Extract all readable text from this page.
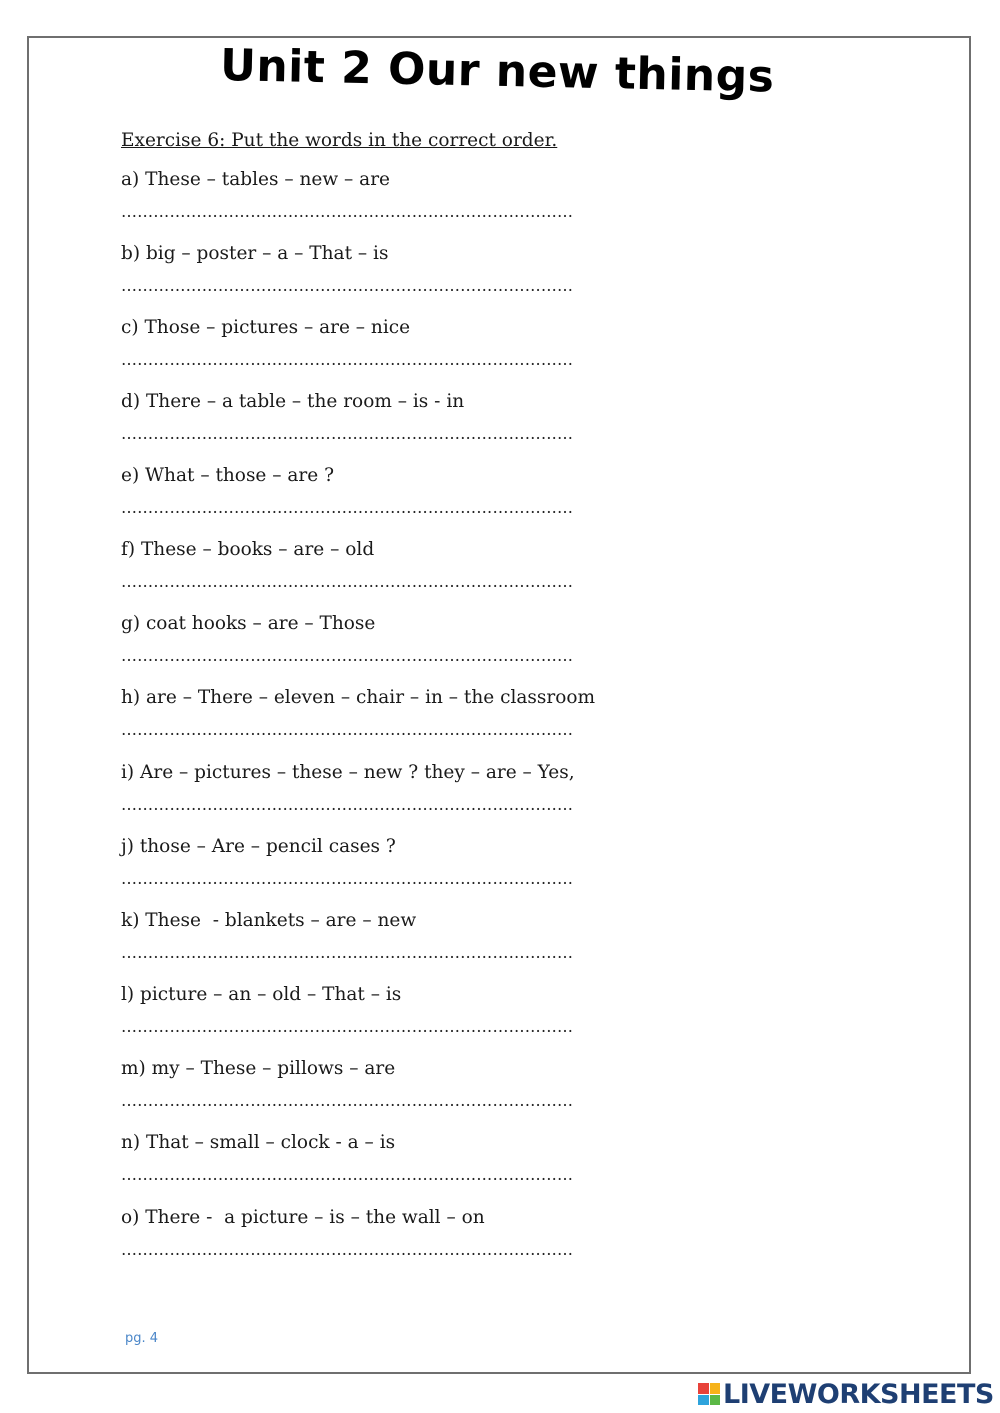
Unit 2 Our new things
Exercise 6: Put the words in the correct order.
a) These – tables – new – are
…………………………………………………………………………
b) big – poster – a – That – is
…………………………………………………………………………
c) Those – pictures – are – nice
…………………………………………………………………………
d) There – a table – the room – is - in
…………………………………………………………………………
e) What – those – are ?
…………………………………………………………………………
f) These – books – are – old
…………………………………………………………………………
g) coat hooks – are – Those
…………………………………………………………………………
h) are – There – eleven – chair – in – the classroom
…………………………………………………………………………
i) Are – pictures – these – new ? they – are – Yes,
…………………………………………………………………………
j) those – Are – pencil cases ?
…………………………………………………………………………
k) These  - blankets – are – new
…………………………………………………………………………
l) picture – an – old – That – is
…………………………………………………………………………
m) my – These – pillows – are
…………………………………………………………………………
n) That – small – clock - a – is
…………………………………………………………………………
o) There -  a picture – is – the wall – on
…………………………………………………………………………
pg. 4
LIVEWORKSHEETS
